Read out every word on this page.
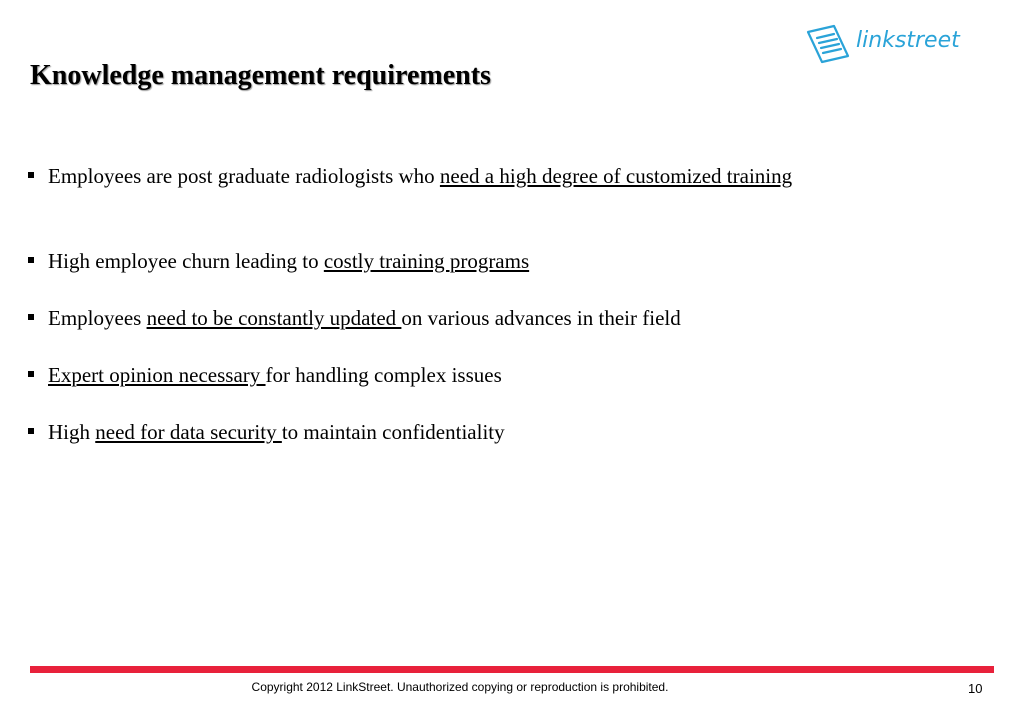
Knowledge management requirements
linkstreet
Employees are post graduate radiologists who need a high degree of customized training
High employee churn leading to costly training programs
Employees need to be constantly updated on various advances in their field
Expert opinion necessary for handling complex issues
High need for data security to maintain confidentiality
Copyright 2012 LinkStreet. Unauthorized copying or reproduction is prohibited.	10
